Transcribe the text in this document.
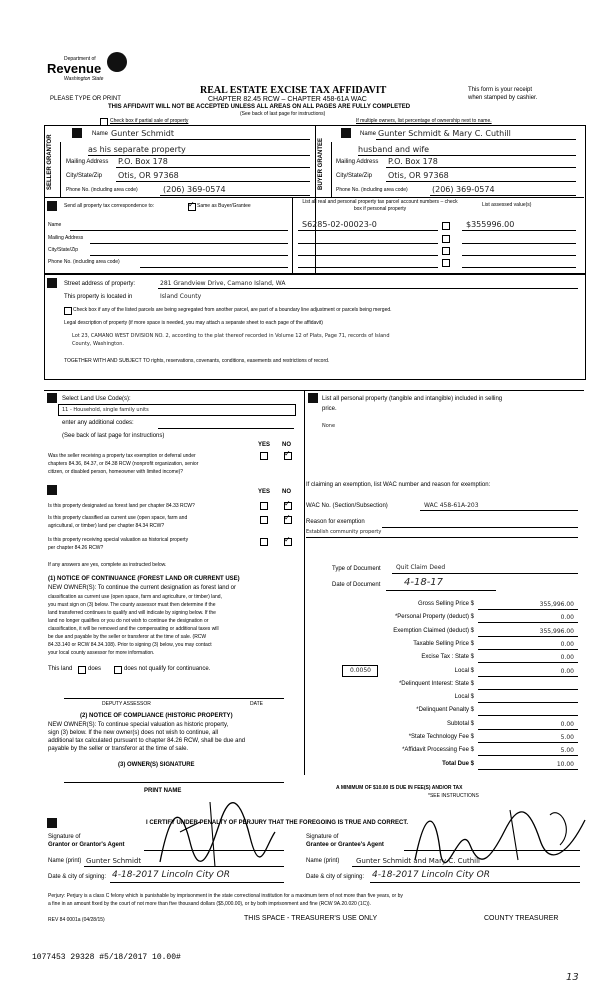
Department of
Revenue
Washington State
REAL ESTATE EXCISE TAX AFFIDAVIT
CHAPTER 82.45 RCW – CHAPTER 458-61A WAC
THIS AFFIDAVIT WILL NOT BE ACCEPTED UNLESS ALL AREAS ON ALL PAGES ARE FULLY COMPLETED
(See back of last page for instructions)
PLEASE TYPE OR PRINT
This form is your receipt
when stamped by cashier.
Check box if partial sale of property	If multiple owners, list percentage of ownership next to name.
SELLER GRANTOR
Name Gunter Schmidt
as his separate property
Mailing Address P.O. Box 178
City/State/Zip Otis, OR 97368
Phone No. (including area code)	(206) 369-0574	BUYER GRANTEE
Name Gunter Schmidt & Mary C. Cuthill
husband and wife
Mailing Address P.O. Box 178
City/State/Zip Otis, OR 97368
Phone No. (including area code)	(206) 369-0574
Send all property tax correspondence to:
✓	Same as Buyer/Grantee
List all real and personal property tax parcel account numbers – check box if personal property
List assessed value(s)
Name
Mailing Address
City/State/Zip
Phone No. (including area code)
S6285-02-00023-0	$355996.00
Street address of property:	281 Grandview Drive, Camano Island, WA
This property is located in	Island County
Check box if any of the listed parcels are being segregated from another parcel, are part of a boundary line adjustment or parcels being merged.
Legal description of property (if more space is needed, you may attach a separate sheet to each page of the affidavit)
Lot 23, CAMANO WEST DIVISION NO. 2, according to the plat thereof recorded in Volume 12 of Plats, Page 71, records of Island
County, Washington.
TOGETHER WITH AND SUBJECT TO rights, reservations, covenants, conditions, easements and restrictions of record.
Select Land Use Code(s):
11 - Household, single family units
enter any additional codes:
(See back of last page for instructions)
YES NO
Was the seller receiving a property tax exemption or deferral under
chapters 84.36, 84.37, or 84.38 RCW (nonprofit organization, senior
citizen, or disabled person, homeowner with limited income)?
✓
YES NO
Is this property designated as forest land per chapter 84.33 RCW?
✓
Is this property classified as current use (open space, farm and
agricultural, or timber) land per chapter 84.34 RCW?
✓
Is this property receiving special valuation as historical property
per chapter 84.26 RCW?
✓
If any answers are yes, complete as instructed below.
(1) NOTICE OF CONTINUANCE (FOREST LAND OR CURRENT USE)
NEW OWNER(S): To continue the current designation as forest land or
classification as current use (open space, farm and agriculture, or timber) land,
you must sign on (3) below. The county assessor must then determine if the
land transferred continues to qualify and will indicate by signing below. If the
land no longer qualifies or you do not wish to continue the designation or
classification, it will be removed and the compensating or additional taxes will
be due and payable by the seller or transferor at the time of sale. (RCW
84.33.140 or RCW 84.34.108). Prior to signing (3) below, you may contact
your local county assessor for more information.
This land	does	does not qualify for continuance.
DEPUTY ASSESSOR	DATE
(2) NOTICE OF COMPLIANCE (HISTORIC PROPERTY)
NEW OWNER(S): To continue special valuation as historic property,
sign (3) below. If the new owner(s) does not wish to continue, all
additional tax calculated pursuant to chapter 84.26 RCW, shall be due and
payable by the seller or transferor at the time of sale.
(3) OWNER(S) SIGNATURE
PRINT NAME
List all personal property (tangible and intangible) included in selling
price.
None
If claiming an exemption, list WAC number and reason for exemption:
WAC No. (Section/Subsection)	WAC 458-61A-203
Reason for exemption
Establish community property
Type of Document	Quit Claim Deed
Date of Document 4-18-17
Gross Selling Price $	355,996.00
*Personal Property (deduct) $	0.00
Exemption Claimed (deduct) $	355,996.00
Taxable Selling Price $	0.00
Excise Tax : State $	0.00
Local $	0.00
*Delinquent Interest: State $
Local $
*Delinquent Penalty $
Subtotal $	0.00
*State Technology Fee $	5.00
*Affidavit Processing Fee $	5.00
Total Due $	10.00
0.0050
A MINIMUM OF $10.00 IS DUE IN FEE(S) AND/OR TAX
*SEE INSTRUCTIONS
I CERTIFY UNDER PENALTY OF PERJURY THAT THE FOREGOING IS TRUE AND CORRECT.
Signature of
Grantor or Grantor's Agent
Name (print) Gunter Schmidt
Date & city of signing: 4-18-2017 Lincoln City OR
Signature of
Grantee or Grantee's Agent
Name (print) Gunter Schmidt and Mary C. Cuthill
Date & city of signing: 4-18-2017 Lincoln City OR
Perjury: Perjury is a class C felony which is punishable by imprisonment in the state correctional institution for a maximum term of not more than five years, or by
a fine in an amount fixed by the court of not more than five thousand dollars ($5,000.00), or by both imprisonment and fine (RCW 9A.20.020 (1C)).
REV 84 0001a (04/28/15)	THIS SPACE - TREASURER'S USE ONLY	COUNTY TREASURER
1077453 29328 #5/18/2017 10.00#
13
